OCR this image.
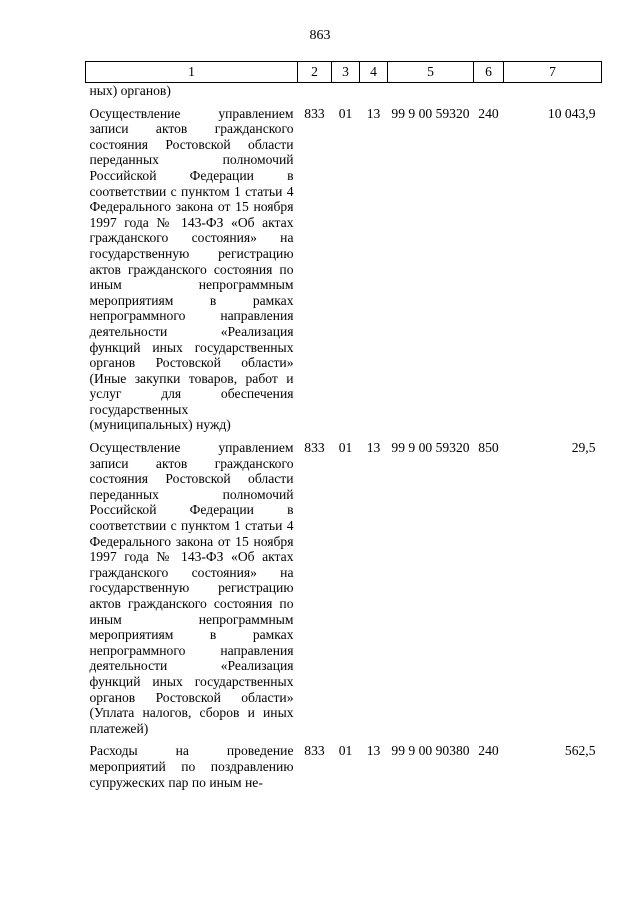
863
1	2	3	4	5	6	7
ных) органов)						
Осуществление управлением записи актов гражданского состояния Ростовской области переданных полномочий Российской Федерации в соответствии с пунктом 1 статьи 4 Федерального закона от 15 ноября 1997 года № 143-ФЗ «Об актах гражданского состояния» на государственную регистрацию актов гражданского состояния по иным непрограммным мероприятиям в рамках непрограммного направления деятельности «Реализация функций иных государственных органов Ростовской области» (Иные закупки товаров, работ и услуг для обеспечения государственных (муниципальных) нужд)	833	01	13	99 9 00 59320	240	10 043,9
Осуществление управлением записи актов гражданского состояния Ростовской области переданных полномочий Российской Федерации в соответствии с пунктом 1 статьи 4 Федерального закона от 15 ноября 1997 года № 143-ФЗ «Об актах гражданского состояния» на государственную регистрацию актов гражданского состояния по иным непрограммным мероприятиям в рамках непрограммного направления деятельности «Реализация функций иных государственных органов Ростовской области» (Уплата налогов, сборов и иных платежей)	833	01	13	99 9 00 59320	850	29,5
Расходы на проведение мероприятий по поздравлению супружеских пар по иным не-	833	01	13	99 9 00 90380	240	562,5
